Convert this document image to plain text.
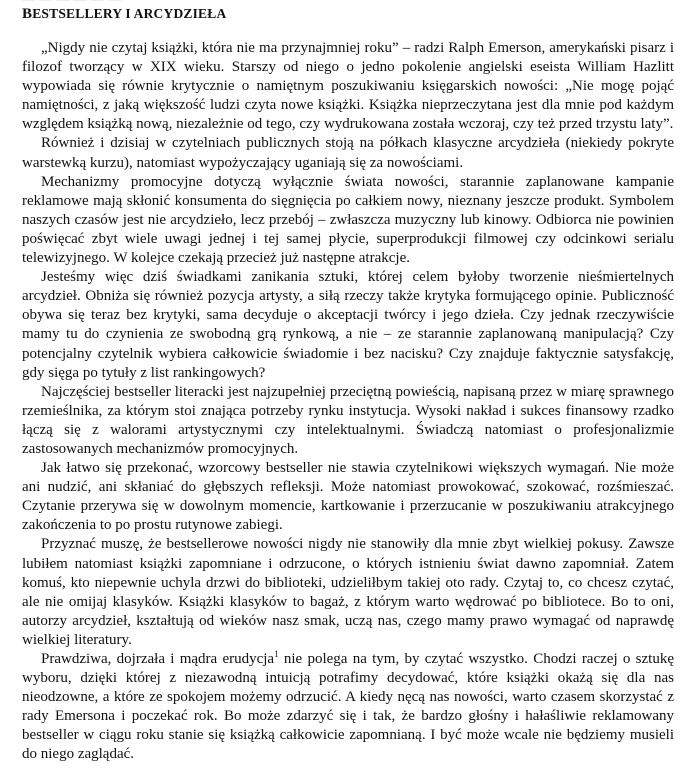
BESTSELLERY I ARCYDZIEŁA

„Nigdy nie czytaj książki, która nie ma przynajmniej roku” – radzi Ralph Emerson, amerykański pisarz i filozof tworzący w XIX wieku. Starszy od niego o jedno pokolenie angielski eseista William Hazlitt wypowiada się równie krytycznie o namiętnym poszukiwaniu księgarskich nowości: „Nie mogę pojąć namiętności, z jaką większość ludzi czyta nowe książki. Książka nieprzeczytana jest dla mnie pod każdym względem książką nową, niezależnie od tego, czy wydrukowana została wczoraj, czy też przed trzystu laty”.

Również i dzisiaj w czytelniach publicznych stoją na półkach klasyczne arcydzieła (niekiedy pokryte warstewką kurzu), natomiast wypożyczający uganiają się za nowościami.

Mechanizmy promocyjne dotyczą wyłącznie świata nowości, starannie zaplanowane kampanie reklamowe mają skłonić konsumenta do sięgnięcia po całkiem nowy, nieznany jeszcze produkt. Symbolem naszych czasów jest nie arcydzieło, lecz przebój – zwłaszcza muzyczny lub kinowy. Odbiorca nie powinien poświęcać zbyt wiele uwagi jednej i tej samej płycie, superprodukcji filmowej czy odcinkowi serialu telewizyjnego. W kolejce czekają przecież już następne atrakcje.

Jesteśmy więc dziś świadkami zanikania sztuki, której celem byłoby tworzenie nieśmiertelnych arcydzieł. Obniża się również pozycja artysty, a siłą rzeczy także krytyka formującego opinie. Publiczność obywa się teraz bez krytyki, sama decyduje o akceptacji twórcy i jego dzieła. Czy jednak rzeczywiście mamy tu do czynienia ze swobodną grą rynkową, a nie – ze starannie zaplanowaną manipulacją? Czy potencjalny czytelnik wybiera całkowicie świadomie i bez nacisku? Czy znajduje faktycznie satysfakcję, gdy sięga po tytuły z list rankingowych?

Najczęściej bestseller literacki jest najzupełniej przeciętną powieścią, napisaną przez w miarę sprawnego rzemieślnika, za którym stoi znająca potrzeby rynku instytucja. Wysoki nakład i sukces finansowy rzadko łączą się z walorami artystycznymi czy intelektualnymi. Świadczą natomiast o profesjonalizmie zastosowanych mechanizmów promocyjnych.

Jak łatwo się przekonać, wzorcowy bestseller nie stawia czytelnikowi większych wymagań. Nie może ani nudzić, ani skłaniać do głębszych refleksji. Może natomiast prowokować, szokować, rozśmieszać. Czytanie przerywa się w dowolnym momencie, kartkowanie i przerzucanie w poszukiwaniu atrakcyjnego zakończenia to po prostu rutynowe zabiegi.

Przyznać muszę, że bestsellerowe nowości nigdy nie stanowiły dla mnie zbyt wielkiej pokusy. Zawsze lubiłem natomiast książki zapomniane i odrzucone, o których istnieniu świat dawno zapomniał. Zatem komuś, kto niepewnie uchyla drzwi do biblioteki, udzieliłbym takiej oto rady. Czytaj to, co chcesz czytać, ale nie omijaj klasyków. Książki klasyków to bagaż, z którym warto wędrować po bibliotece. Bo to oni, autorzy arcydzieł, kształtują od wieków nasz smak, uczą nas, czego mamy prawo wymagać od naprawdę wielkiej literatury.

Prawdziwa, dojrzała i mądra erudycja$^1$ nie polega na tym, by czytać wszystko. Chodzi raczej o sztukę wyboru, dzięki której z niezawodną intuicją potrafimy decydować, które książki okażą się dla nas nieodzowne, a które ze spokojem możemy odrzucić. A kiedy nęcą nas nowości, warto czasem skorzystać z rady Emersona i poczekać rok. Bo może zdarzyć się i tak, że bardzo głośny i hałaśliwie reklamowany bestseller w ciągu roku stanie się książką całkowicie zapomnianą. I być może wcale nie będziemy musieli do niego zaglądać.
